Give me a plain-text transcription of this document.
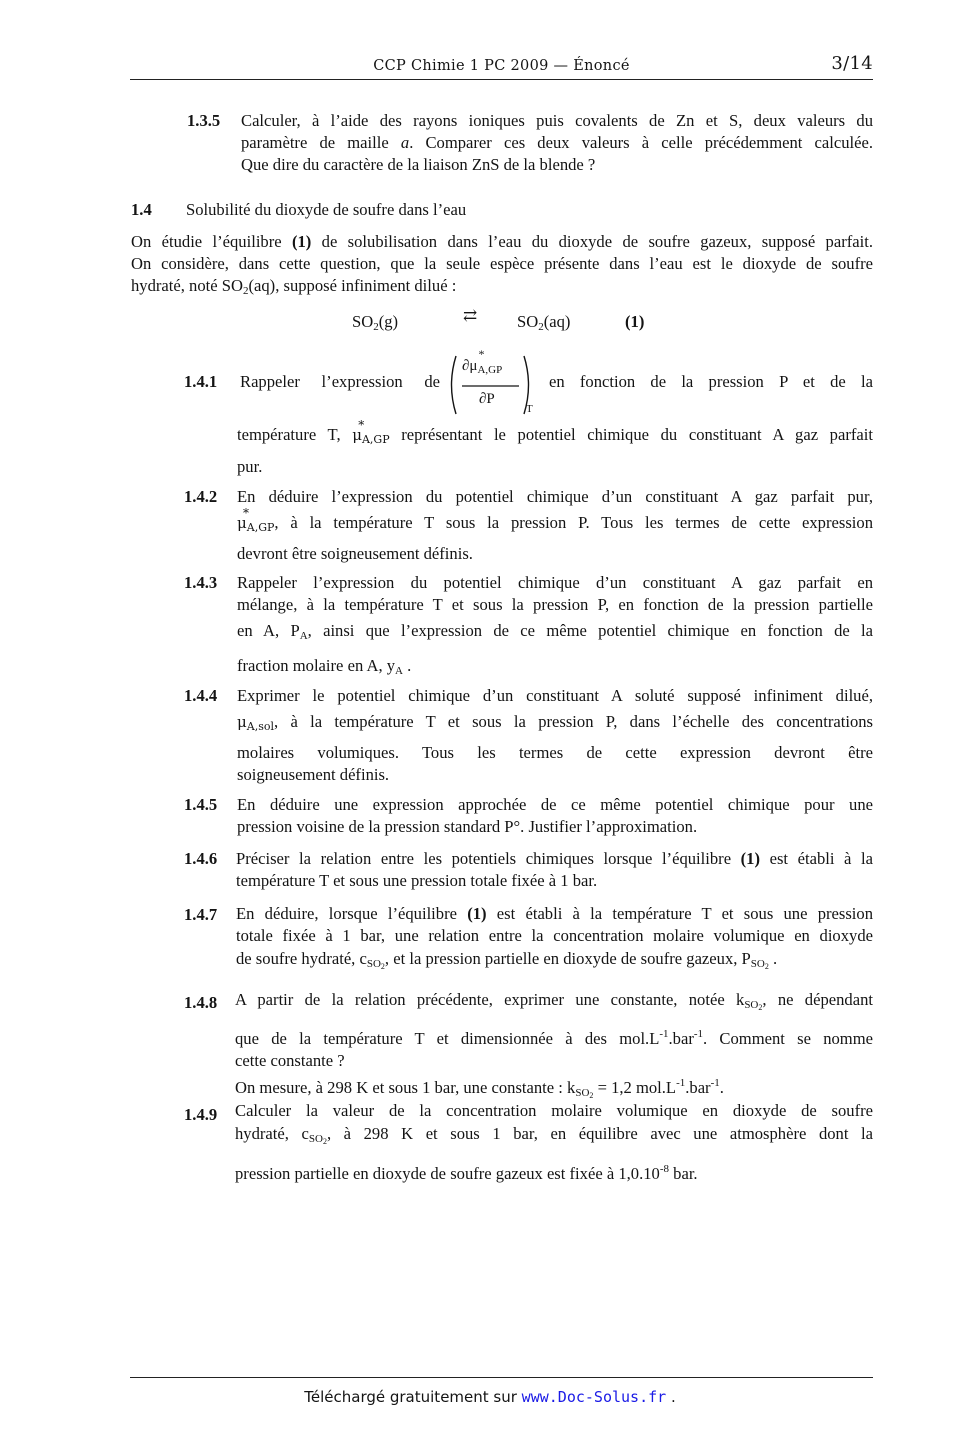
CCP Chimie 1 PC 2009 — Énoncé	3/14
1.3.5 Calculer, à l’aide des rayons ioniques puis covalents de Zn et S, deux valeurs du
paramètre de maille a. Comparer ces deux valeurs à celle précédemment calculée.
Que dire du caractère de la liaison ZnS de la blende ?
1.4 Solubilité du dioxyde de soufre dans l’eau
On étudie l’équilibre (1) de solubilisation dans l’eau du dioxyde de soufre gazeux, supposé parfait.
On considère, dans cette question, que la seule espèce présente dans l’eau est le dioxyde de soufre
hydraté, noté $SO_2(aq)$, supposé infiniment dilué :
$SO_2(g)$	⇄ $SO_2(aq)$	(1)
1.4.1 Rappeler l’expression de
∂μ
*
$_{A,GP}$
∂P
T
en fonction de la pression P et de la
température T, μ
*
$_{A,GP}$ représentant le potentiel chimique du constituant A gaz parfait
pur.
1.4.2 En déduire l’expression du potentiel chimique d’un constituant A gaz parfait pur,
μ
*
$_{A,GP}$, à la température T sous la pression P. Tous les termes de cette expression
devront être soigneusement définis.
1.4.3 Rappeler l’expression du potentiel chimique d’un constituant A gaz parfait en
mélange, à la température T et sous la pression P, en fonction de la pression partielle
en A, $P_A$, ainsi que l’expression de ce même potentiel chimique en fonction de la
fraction molaire en A, $y_A$ .
1.4.4 Exprimer le potentiel chimique d’un constituant A soluté supposé infiniment dilué,
$\mu_{A,sol}$, à la température T et sous la pression P, dans l’échelle des concentrations
molaires volumiques. Tous les termes de cette expression devront être
soigneusement définis.
1.4.5 En déduire une expression approchée de ce même potentiel chimique pour une
pression voisine de la pression standard P°. Justifier l’approximation.
1.4.6 Préciser la relation entre les potentiels chimiques lorsque l’équilibre (1) est établi à la
température T et sous une pression totale fixée à 1 bar.
1.4.7 En déduire, lorsque l’équilibre (1) est établi à la température T et sous une pression
totale fixée à 1 bar, une relation entre la concentration molaire volumique en dioxyde
de soufre hydraté, $c_{SO2}$, et la pression partielle en dioxyde de soufre gazeux, $P_{SO2}$ .
1.4.8 A partir de la relation précédente, exprimer une constante, notée $k_{SO2}$, ne dépendant
que de la température T et dimensionnée à des $mol.L^{-1}.bar^{-1}$. Comment se nomme
cette constante ?
On mesure, à 298 K et sous 1 bar, une constante : $k_{SO2} = 1,2$ $mol.L^{-1}.bar^{-1}$.
1.4.9 Calculer la valeur de la concentration molaire volumique en dioxyde de soufre
hydraté, $c_{SO2}$, à 298 K et sous 1 bar, en équilibre avec une atmosphère dont la
pression partielle en dioxyde de soufre gazeux est fixée à $1,0.10^{-8}$ bar.
Téléchargé gratuitement sur www.Doc-Solus.fr .
